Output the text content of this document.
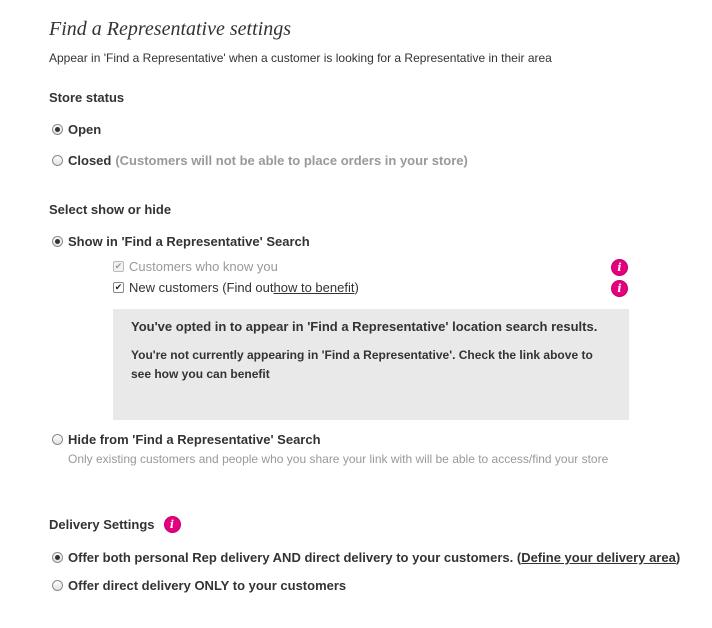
Find a Representative settings
Appear in 'Find a Representative' when a customer is looking for a Representative in their area
Store status
Open
Closed (Customers will not be able to place orders in your store)
Select show or hide
Show in 'Find a Representative' Search
✔ Customers who know you	i
✔ New customers (Find out how to benefit )	i
You've opted in to appear in 'Find a Representative' location search results.
You're not currently appearing in 'Find a Representative'. Check the link above to see how you can benefit
Hide from 'Find a Representative' Search
Only existing customers and people who you share your link with will be able to access/find your store
Delivery Settings	i
Offer both personal Rep delivery AND direct delivery to your customers. ( Define your delivery area )
Offer direct delivery ONLY to your customers
